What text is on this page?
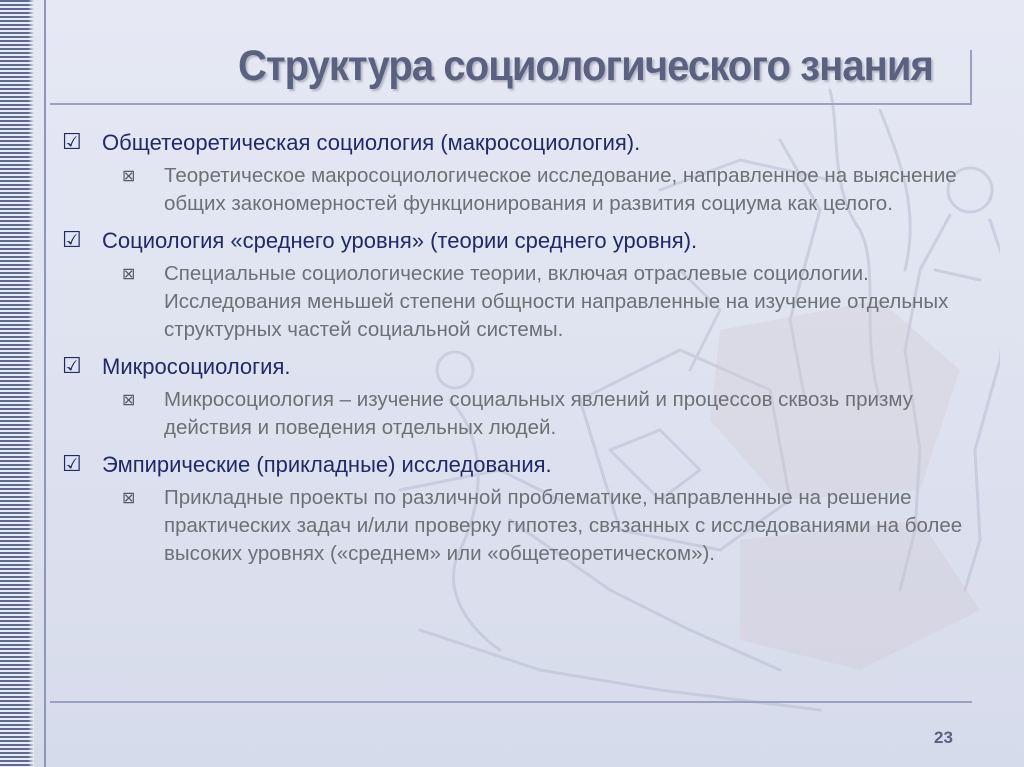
Структура социологического знания
☑ Общетеоретическая социология (макросоциология).
⊠	Теоретическое макросоциологическое исследование, направленное на выяснение общих закономерностей функционирования и развития социума как целого.
☑ Социология «среднего уровня» (теории среднего уровня).
⊠	Специальные социологические теории, включая отраслевые социологии. Исследования меньшей степени общности направленные на изучение отдельных структурных частей социальной системы.
☑ Микросоциология.
⊠	Микросоциология – изучение социальных явлений и процессов сквозь призму действия и поведения отдельных людей.
☑ Эмпирические (прикладные) исследования.
⊠	Прикладные проекты по различной проблематике, направленные на решение практических задач и/или проверку гипотез, связанных с исследованиями на более высоких уровнях («среднем» или «общетеоретическом»).
23
